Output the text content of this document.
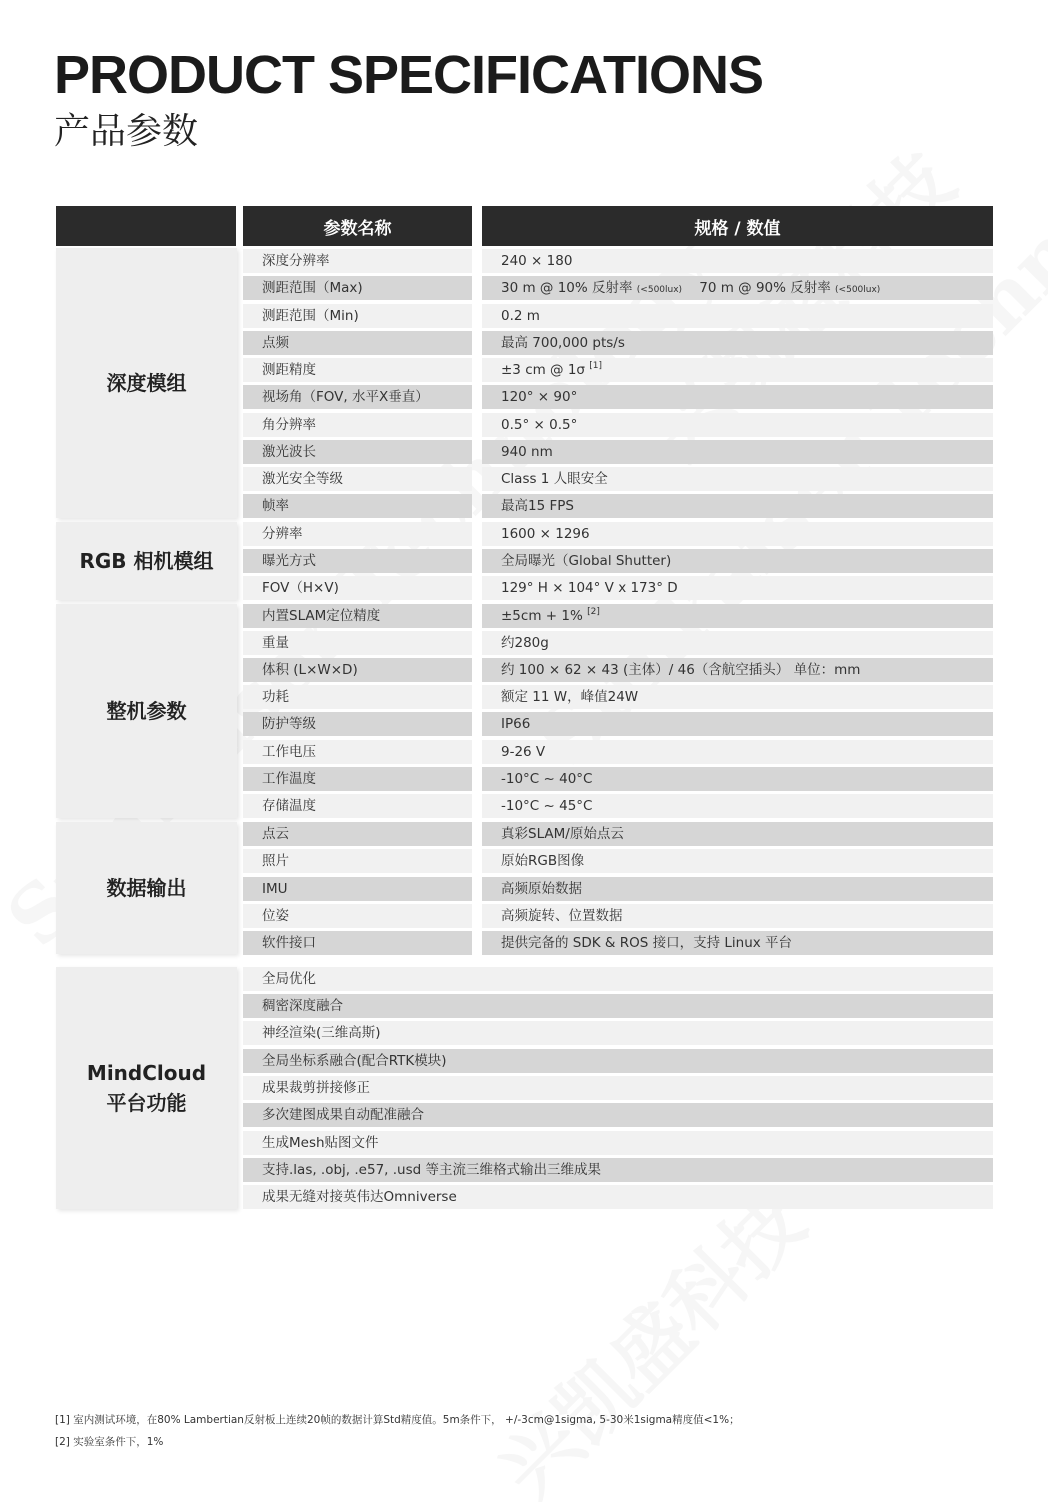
PRODUCT SPECIFICATIONS
产品参数
参数名称	规格 / 数值
深度模组
深度分辨率	240 × 180
测距范围（Max)	30 m @ 10% 反射率 (<500lux) 70 m @ 90% 反射率 (<500lux)
测距范围（Min)	0.2 m
点频	最高 700,000 pts/s
测距精度	±3 cm @ 1σ [1]
视场角（FOV, 水平X垂直）	120° × 90°
角分辨率	0.5° × 0.5°
激光波长	940 nm
激光安全等级	Class 1 人眼安全
帧率	最高15 FPS
RGB 相机模组
分辨率	1600 × 1296
曝光方式	全局曝光（Global Shutter)
FOV（H×V)	129° H × 104° V x 173° D
整机参数
内置SLAM定位精度	±5cm + 1% [2]
重量	约280g
体积 (L×W×D)	约 100 × 62 × 43 (主体）/ 46（含航空插头） 单位：mm
功耗	额定 11 W，峰值24W
防护等级	IP66
工作电压	9-26 V
工作温度	-10°C ~ 40°C
存储温度	-10°C ~ 45°C
数据输出
点云	真彩SLAM/原始点云
照片	原始RGB图像
IMU	高频原始数据
位姿	高频旋转、位置数据
软件接口	提供完备的 SDK & ROS 接口，支持 Linux 平台
MindCloud
平台功能
全局优化
稠密深度融合
神经渲染(三维高斯)
全局坐标系融合(配合RTK模块)
成果裁剪拼接修正
多次建图成果自动配准融合
生成Mesh贴图文件
支持.las, .obj, .e57, .usd 等主流三维格式输出三维成果
成果无缝对接英伟达Omniverse
[1] 室内测试环境，在80% Lambertian反射板上连续20帧的数据计算Std精度值。5m条件下， +/-3cm@1sigma, 5-30米1sigma精度值<1%；
[2] 实验室条件下，1%
